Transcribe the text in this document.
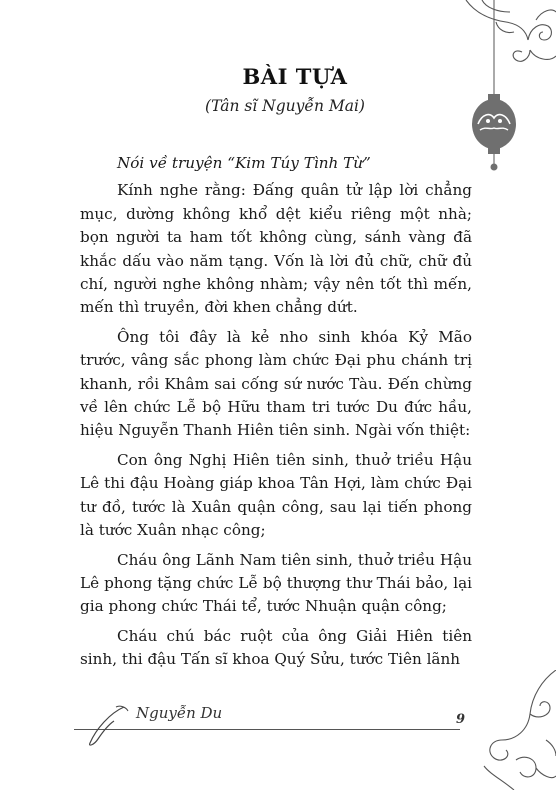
BÀI TỰA
(Tân sĩ Nguyễn Mai)

Nói về truyện “Kim Túy Tình Từ”

Kính nghe rằng: Đấng quân tử lập lời chẳng mục, dường không khổ dệt kiểu riêng một nhà; bọn người ta ham tốt không cùng, sánh vàng đã khắc dấu vào năm tạng. Vốn là lời đủ chữ, chữ đủ chí, người nghe không nhàm; vậy nên tốt thì mến, mến thì truyền, đời khen chẳng dứt.

Ông tôi đây là kẻ nho sinh khóa Kỷ Mão trước, vâng sắc phong làm chức Đại phu chánh trị khanh, rồi Khâm sai cống sứ nước Tàu. Đến chừng về lên chức Lễ bộ Hữu tham tri tước Du đức hầu, hiệu Nguyễn Thanh Hiên tiên sinh. Ngài vốn thiệt:

Con ông Nghị Hiên tiên sinh, thuở triều Hậu Lê thi đậu Hoàng giáp khoa Tân Hợi, làm chức Đại tư đồ, tước là Xuân quận công, sau lại tiến phong là tước Xuân nhạc công;

Cháu ông Lãnh Nam tiên sinh, thuở triều Hậu Lê phong tặng chức Lễ bộ thượng thư Thái bảo, lại gia phong chức Thái tể, tước Nhuận quận công;

Cháu chú bác ruột của ông Giải Hiên tiên sinh, thi đậu Tấn sĩ khoa Quý Sửu, tước Tiên lãnh

Nguyễn Du	9
